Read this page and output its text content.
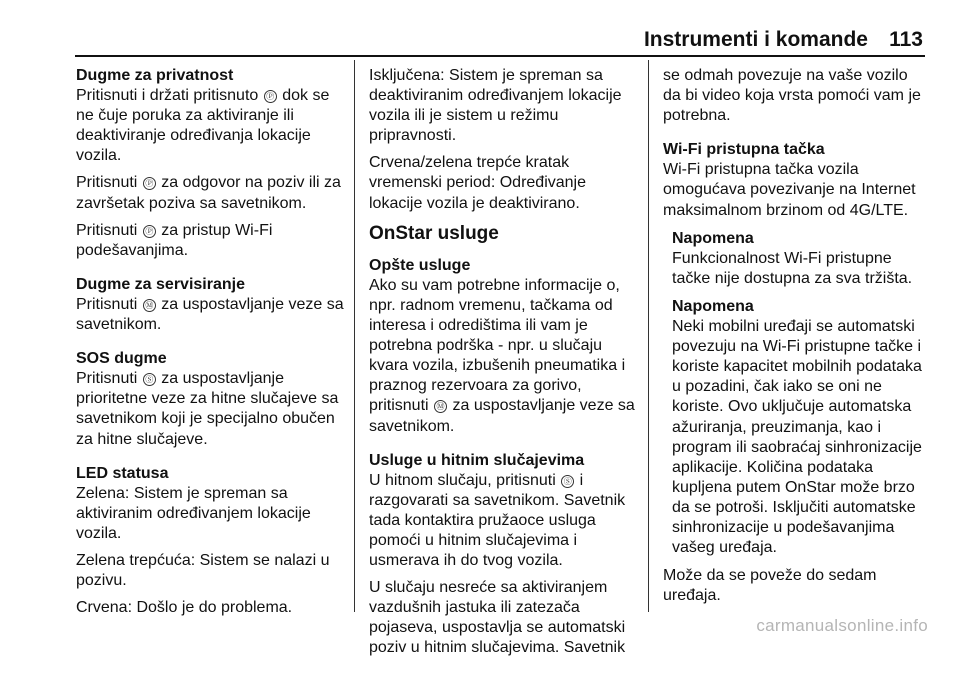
Instrumenti i komande 113
Dugme za privatnost

Pritisnuti i držati pritisnuto Ⓟ dok se ne čuje poruka za aktiviranje ili deaktiviranje određivanja lokacije vozila.

Pritisnuti Ⓟ za odgovor na poziv ili za završetak poziva sa savetnikom.

Pritisnuti Ⓟ za pristup Wi-Fi podešavanjima.

Dugme za servisiranje

Pritisnuti Ⓜ za uspostavljanje veze sa savetnikom.

SOS dugme

Pritisnuti Ⓢ za uspostavljanje prioritetne veze za hitne slučajeve sa savetnikom koji je specijalno obučen za hitne slučajeve.

LED statusa

Zelena: Sistem je spreman sa aktiviranim određivanjem lokacije vozila.

Zelena trepćuća: Sistem se nalazi u pozivu.

Crvena: Došlo je do problema.

Isključena: Sistem je spreman sa deaktiviranim određivanjem lokacije vozila ili je sistem u režimu pripravnosti.

Crvena/zelena trepće kratak vremenski period: Određivanje lokacije vozila je deaktivirano.

OnStar usluge
Opšte usluge

Ako su vam potrebne informacije o, npr. radnom vremenu, tačkama od interesa i odredištima ili vam je potrebna podrška - npr. u slučaju kvara vozila, izbušenih pneumatika i praznog rezervoara za gorivo, pritisnuti Ⓜ za uspostavljanje veze sa savetnikom.

Usluge u hitnim slučajevima

U hitnom slučaju, pritisnuti Ⓢ i razgovarati sa savetnikom. Savetnik tada kontaktira pružaoce usluga pomoći u hitnim slučajevima i usmerava ih do tvog vozila.

U slučaju nesreće sa aktiviranjem vazdušnih jastuka ili zatezača pojaseva, uspostavlja se automatski poziv u hitnim slučajevima. Savetnik

se odmah povezuje na vaše vozilo da bi video koja vrsta pomoći vam je potrebna.

Wi-Fi pristupna tačka

Wi-Fi pristupna tačka vozila omogućava povezivanje na Internet maksimalnom brzinom od 4G/LTE.

Napomena
Funkcionalnost Wi-Fi pristupne tačke nije dostupna za sva tržišta.
Napomena
Neki mobilni uređaji se automatski povezuju na Wi-Fi pristupne tačke i koriste kapacitet mobilnih podataka u pozadini, čak iako se oni ne koriste. Ovo uključuje automatska ažuriranja, preuzimanja, kao i program ili saobraćaj sinhronizacije aplikacije. Količina podataka kupljena putem OnStar može brzo da se potroši. Isključiti automatske sinhronizacije u podešavanjima vašeg uređaja.

Može da se poveže do sedam uređaja.

carmanualsonline.info
